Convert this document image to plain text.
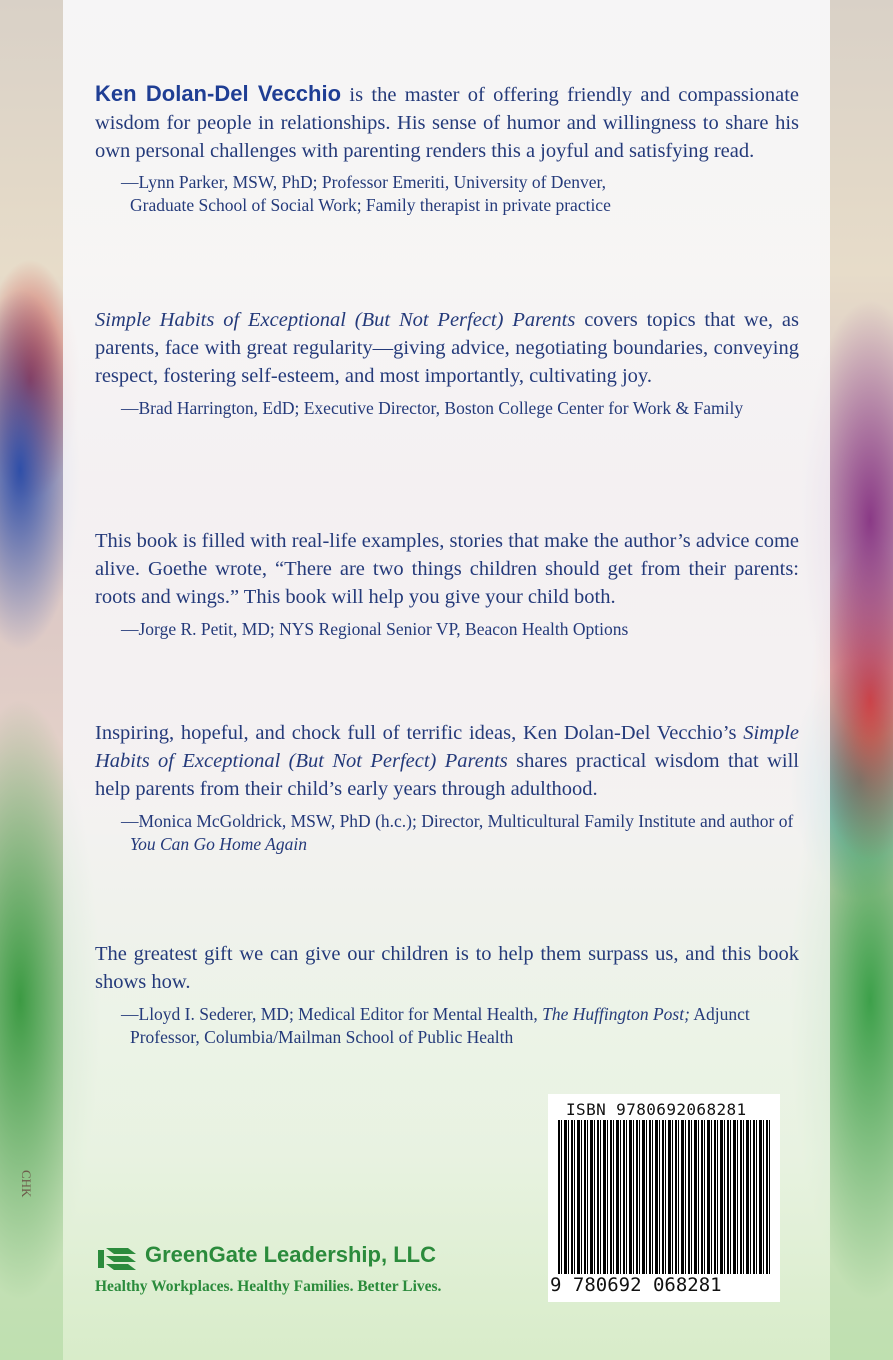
CHK

Ken Dolan-Del Vecchio is the master of offering friendly and compassionate wisdom for people in relationships. His sense of humor and willingness to share his own personal challenges with parenting renders this a joyful and satisfying read.

—Lynn Parker, MSW, PhD; Professor Emeriti, University of Denver,
Graduate School of Social Work; Family therapist in private practice

Simple Habits of Exceptional (But Not Perfect) Parents covers topics that we, as parents, face with great regularity—giving advice, negotiating boundaries, conveying respect, fostering self-esteem, and most importantly, cultivating joy.

—Brad Harrington, EdD; Executive Director, Boston College Center for Work & Family

This book is filled with real-life examples, stories that make the author’s advice come alive. Goethe wrote, “There are two things children should get from their parents: roots and wings.” This book will help you give your child both.

—Jorge R. Petit, MD; NYS Regional Senior VP, Beacon Health Options

Inspiring, hopeful, and chock full of terrific ideas, Ken Dolan-Del Vecchio’s Simple Habits of Exceptional (But Not Perfect) Parents shares practical wisdom that will help parents from their child’s early years through adulthood.

—Monica McGoldrick, MSW, PhD (h.c.); Director, Multicultural Family Institute and author of You Can Go Home Again

The greatest gift we can give our children is to help them surpass us, and this book shows how.

—Lloyd I. Sederer, MD; Medical Editor for Mental Health, The Huffington Post; Adjunct Professor, Columbia/Mailman School of Public Health

ISBN 9780692068281
9 780692 068281
GreenGate Leadership, LLC
Healthy Workplaces. Healthy Families. Better Lives.
